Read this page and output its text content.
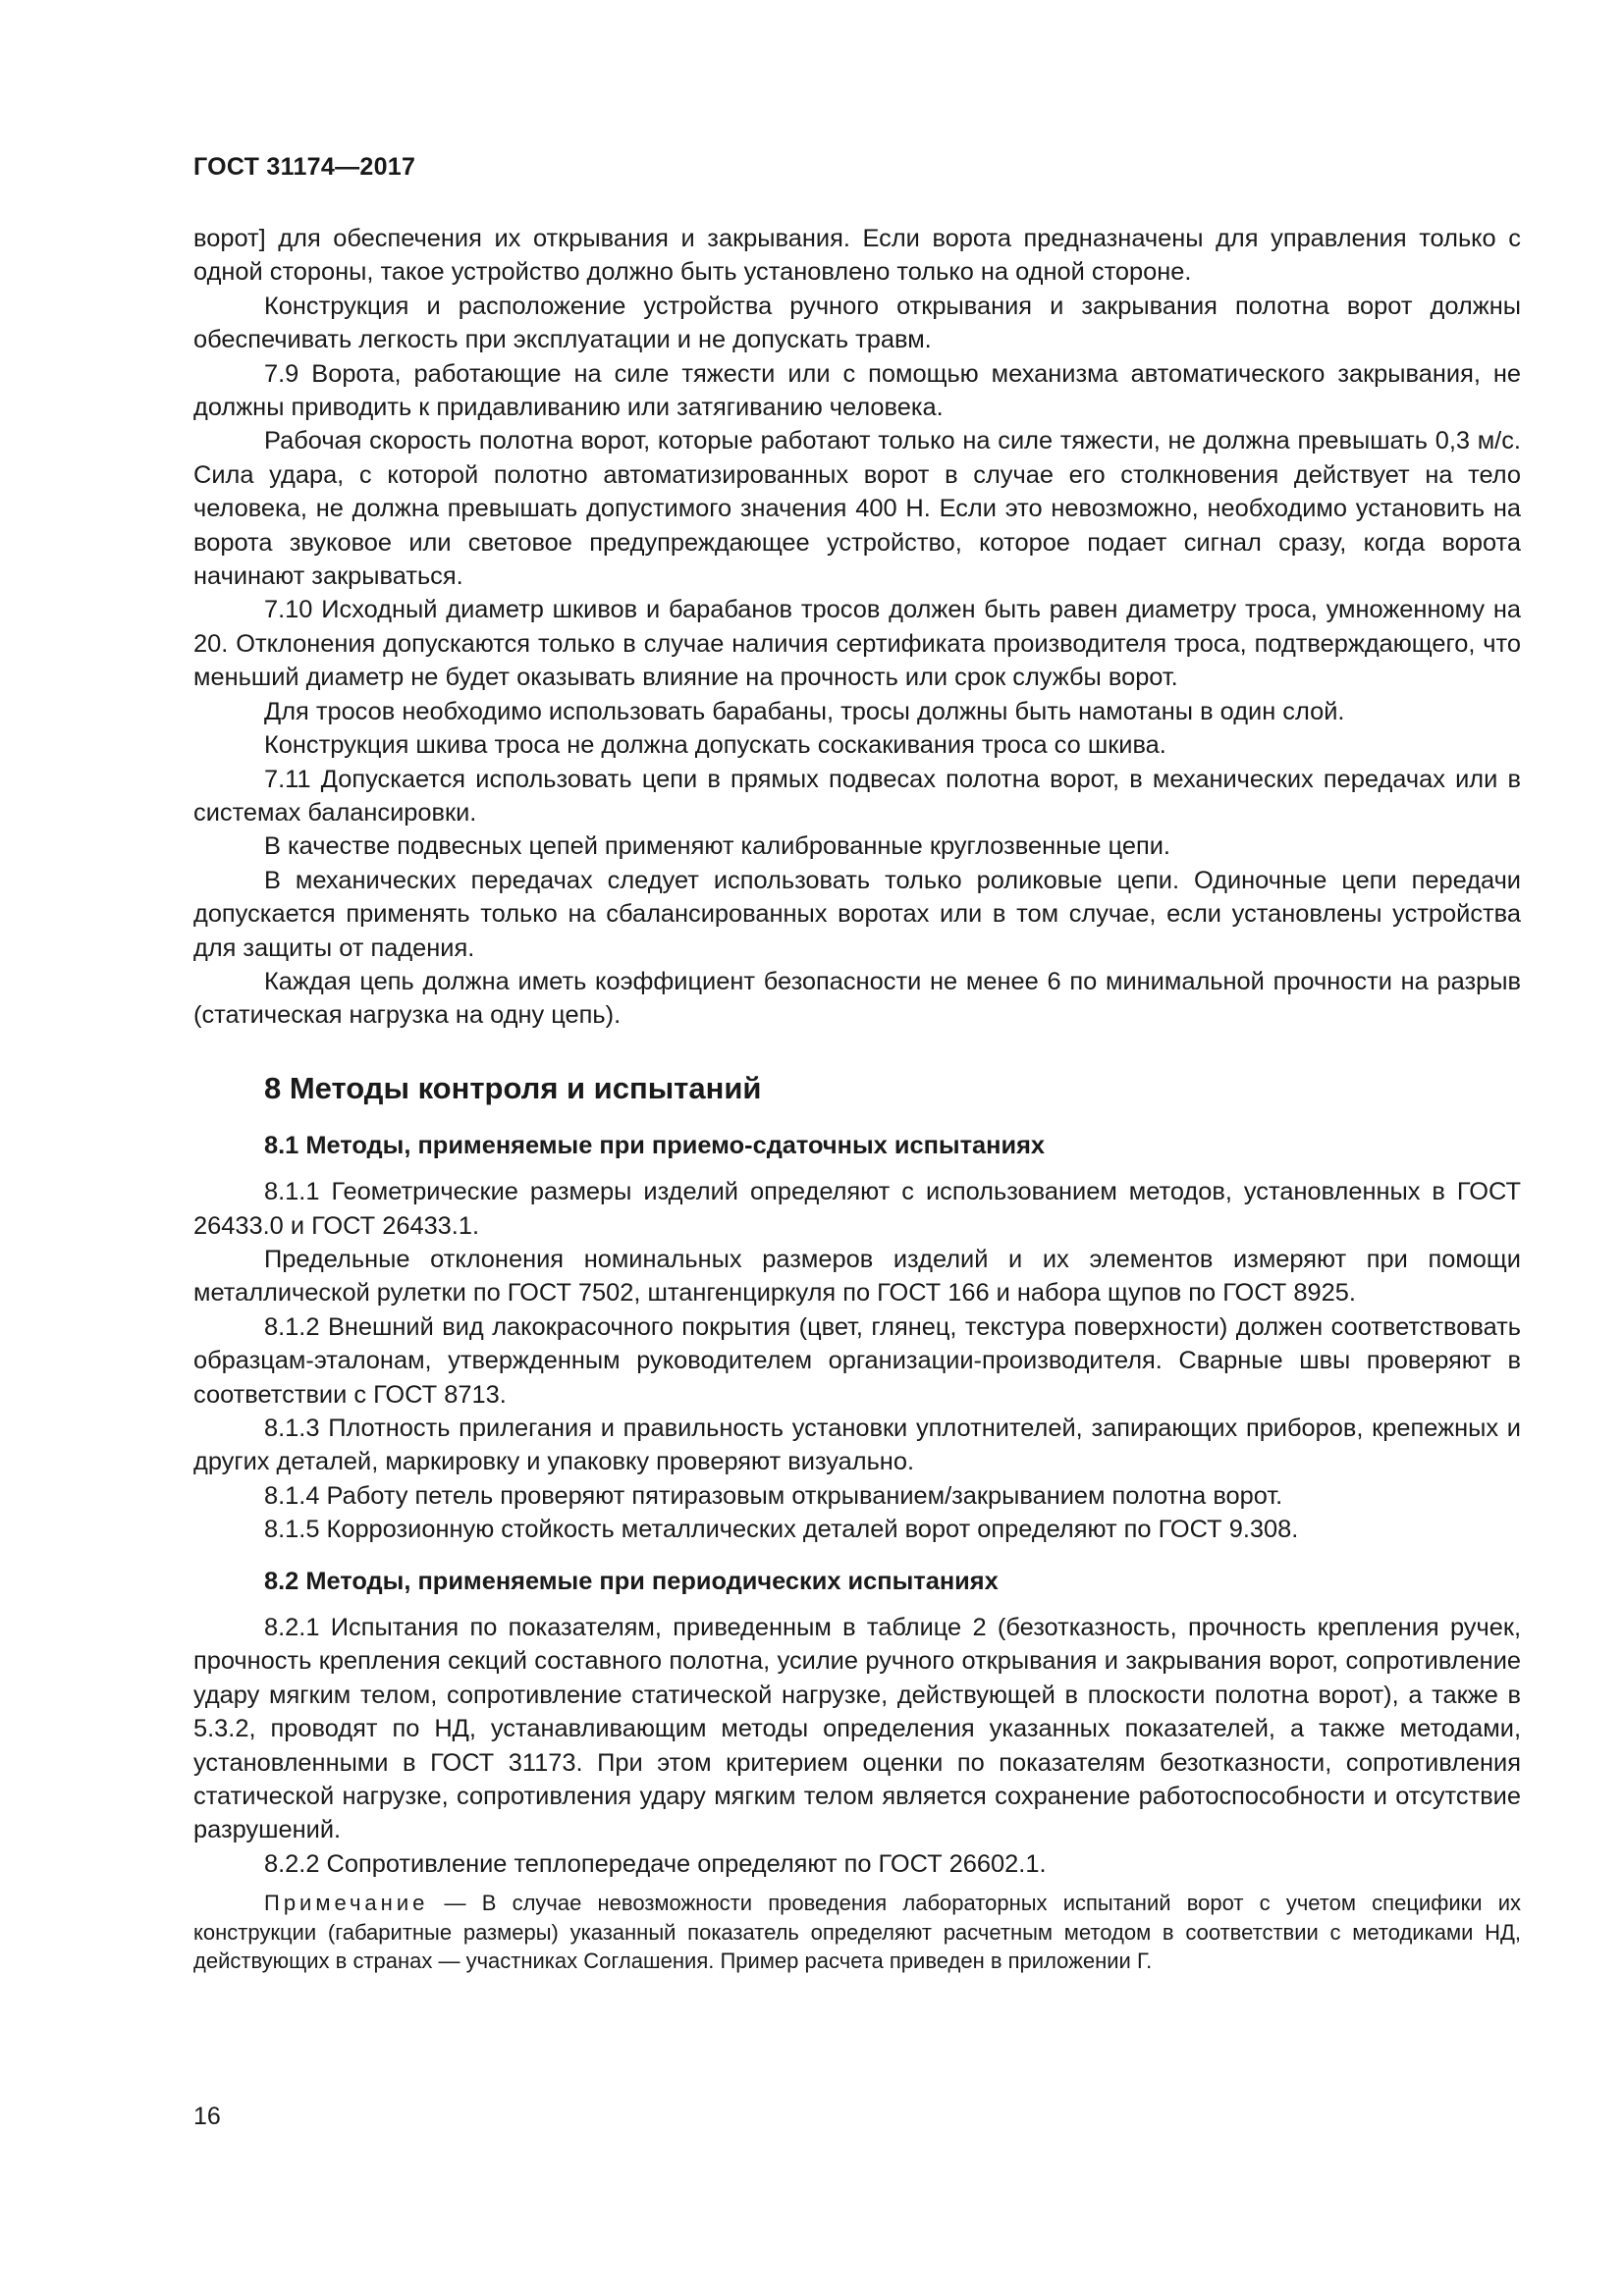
ГОСТ 31174—2017

ворот] для обеспечения их открывания и закрывания. Если ворота предназначены для управления только с одной стороны, такое устройство должно быть установлено только на одной стороне.

Конструкция и расположение устройства ручного открывания и закрывания полотна ворот должны обеспечивать легкость при эксплуатации и не допускать травм.

7.9 Ворота, работающие на силе тяжести или с помощью механизма автоматического закрывания, не должны приводить к придавливанию или затягиванию человека.

Рабочая скорость полотна ворот, которые работают только на силе тяжести, не должна превышать 0,3 м/с. Сила удара, с которой полотно автоматизированных ворот в случае его столкновения действует на тело человека, не должна превышать допустимого значения 400 Н. Если это невозможно, необходимо установить на ворота звуковое или световое предупреждающее устройство, которое подает сигнал сразу, когда ворота начинают закрываться.

7.10 Исходный диаметр шкивов и барабанов тросов должен быть равен диаметру троса, умноженному на 20. Отклонения допускаются только в случае наличия сертификата производителя троса, подтверждающего, что меньший диаметр не будет оказывать влияние на прочность или срок службы ворот.

Для тросов необходимо использовать барабаны, тросы должны быть намотаны в один слой.

Конструкция шкива троса не должна допускать соскакивания троса со шкива.

7.11 Допускается использовать цепи в прямых подвесах полотна ворот, в механических передачах или в системах балансировки.

В качестве подвесных цепей применяют калиброванные круглозвенные цепи.

В механических передачах следует использовать только роликовые цепи. Одиночные цепи передачи допускается применять только на сбалансированных воротах или в том случае, если установлены устройства для защиты от падения.

Каждая цепь должна иметь коэффициент безопасности не менее 6 по минимальной прочности на разрыв (статическая нагрузка на одну цепь).

8 Методы контроля и испытаний

8.1 Методы, применяемые при приемо-сдаточных испытаниях

8.1.1 Геометрические размеры изделий определяют с использованием методов, установленных в ГОСТ 26433.0 и ГОСТ 26433.1.

Предельные отклонения номинальных размеров изделий и их элементов измеряют при помощи металлической рулетки по ГОСТ 7502, штангенциркуля по ГОСТ 166 и набора щупов по ГОСТ 8925.

8.1.2 Внешний вид лакокрасочного покрытия (цвет, глянец, текстура поверхности) должен соответствовать образцам-эталонам, утвержденным руководителем организации-производителя. Сварные швы проверяют в соответствии с ГОСТ 8713.

8.1.3 Плотность прилегания и правильность установки уплотнителей, запирающих приборов, крепежных и других деталей, маркировку и упаковку проверяют визуально.

8.1.4 Работу петель проверяют пятиразовым открыванием/закрыванием полотна ворот.

8.1.5 Коррозионную стойкость металлических деталей ворот определяют по ГОСТ 9.308.

8.2 Методы, применяемые при периодических испытаниях

8.2.1 Испытания по показателям, приведенным в таблице 2 (безотказность, прочность крепления ручек, прочность крепления секций составного полотна, усилие ручного открывания и закрывания ворот, сопротивление удару мягким телом, сопротивление статической нагрузке, действующей в плоскости полотна ворот), а также в 5.3.2, проводят по НД, устанавливающим методы определения указанных показателей, а также методами, установленными в ГОСТ 31173. При этом критерием оценки по показателям безотказности, сопротивления статической нагрузке, сопротивления удару мягким телом является сохранение работоспособности и отсутствие разрушений.

8.2.2 Сопротивление теплопередаче определяют по ГОСТ 26602.1.

Примечание — В случае невозможности проведения лабораторных испытаний ворот с учетом специфики их конструкции (габаритные размеры) указанный показатель определяют расчетным методом в соответствии с методиками НД, действующих в странах — участниках Соглашения. Пример расчета приведен в приложении Г.

16
